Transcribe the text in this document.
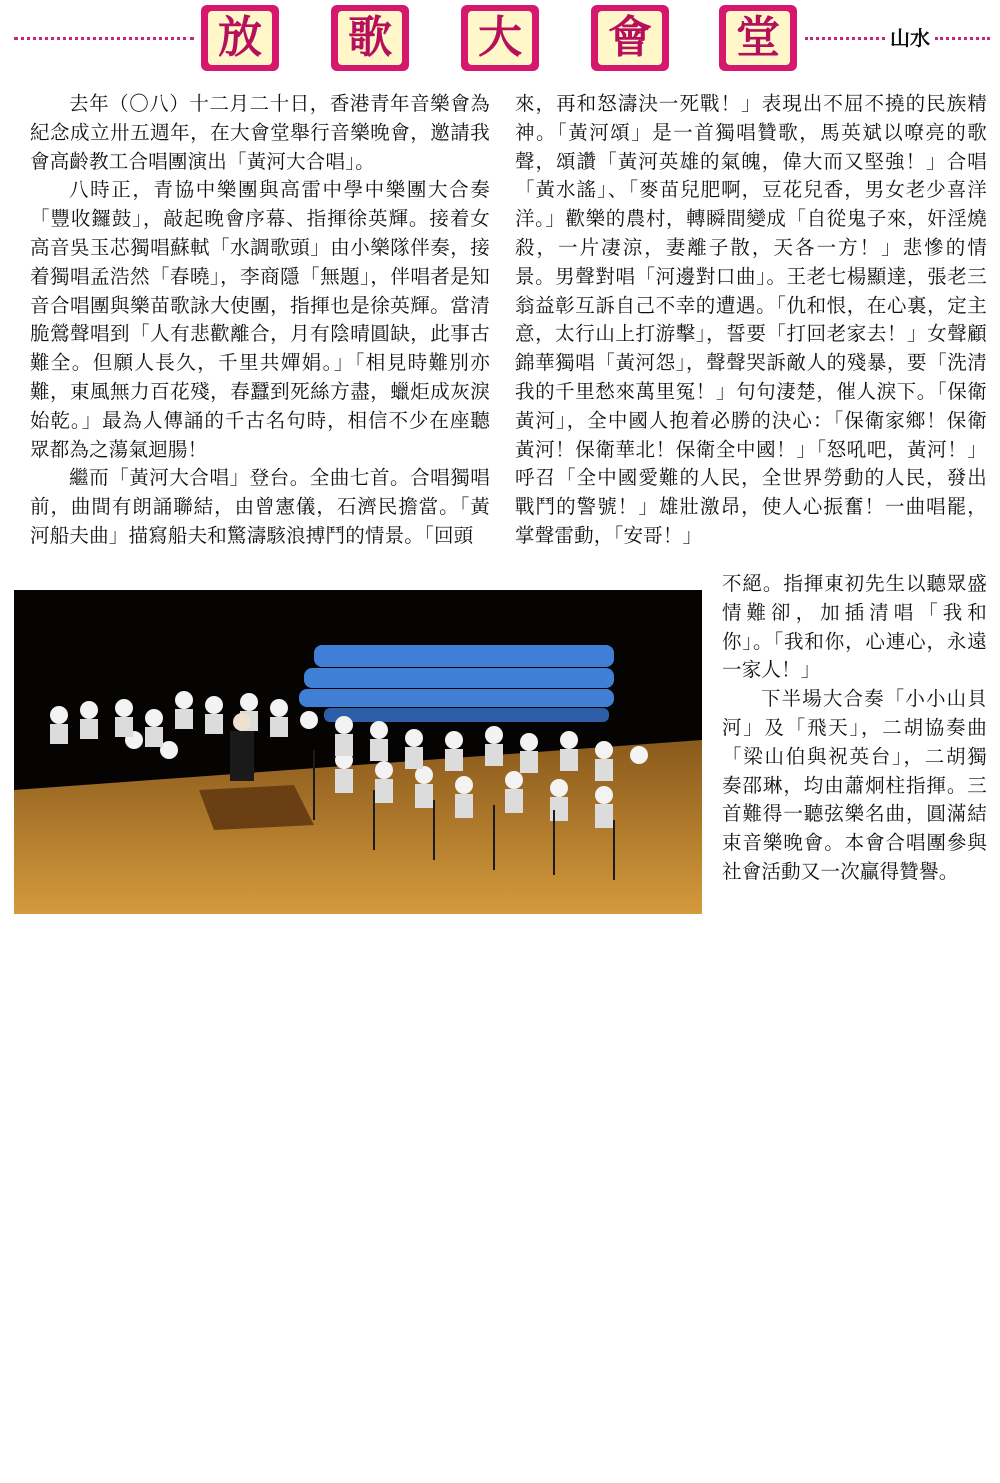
放 歌 大 會 堂	山水

去年（〇八）十二月二十日，香港青年音樂會為紀念成立卅五週年，在大會堂舉行音樂晚會，邀請我會高齡教工合唱團演出「黃河大合唱」。

八時正，青協中樂團與高雷中學中樂團大合奏「豐收鑼鼓」，敲起晚會序幕、指揮徐英輝。接着女高音吳玉芯獨唱蘇軾「水調歌頭」由小樂隊伴奏，接着獨唱孟浩然「春曉」，李商隱「無題」，伴唱者是知音合唱團與樂苗歌詠大使團，指揮也是徐英輝。當清脆鶯聲唱到「人有悲歡離合，月有陰晴圓缺，此事古難全。但願人長久，千里共嬋娟。」「相見時難別亦難，東風無力百花殘，春蠶到死絲方盡，蠟炬成灰淚始乾。」最為人傳誦的千古名句時，相信不少在座聽眾都為之蕩氣迴腸！

繼而「黃河大合唱」登台。全曲七首。合唱獨唱前，曲間有朗誦聯結，由曾憲儀，石濟民擔當。「黃河船夫曲」描寫船夫和驚濤駭浪搏鬥的情景。「回頭

來，再和怒濤決一死戰！」表現出不屈不撓的民族精神。「黃河頌」是一首獨唱贊歌，馬英斌以嘹亮的歌聲，頌讚「黃河英雄的氣魄，偉大而又堅強！」合唱「黃水謠」、「麥苗兒肥啊，豆花兒香，男女老少喜洋洋。」歡樂的農村，轉瞬間變成「自從鬼子來，奸淫燒殺，一片凄涼，妻離子散，天各一方！」悲慘的情景。男聲對唱「河邊對口曲」。王老七楊顯達，張老三翁益彰互訴自己不幸的遭遇。「仇和恨，在心裏，定主意，太行山上打游擊」，誓要「打回老家去！」女聲顧錦華獨唱「黃河怨」，聲聲哭訴敵人的殘暴，要「洗清我的千里愁來萬里冤！」句句淒楚，催人淚下。「保衛黃河」，全中國人抱着必勝的決心：「保衛家鄉！保衛黃河！保衛華北！保衛全中國！」「怒吼吧，黃河！」呼召「全中國愛難的人民，全世界勞動的人民，發出戰鬥的警號！」雄壯激昂，使人心振奮！一曲唱罷，掌聲雷動，「安哥！」

不絕。指揮東初先生以聽眾盛情難卻，加插清唱「我和你」。「我和你，心連心，永遠一家人！」

下半場大合奏「小小山貝河」及「飛天」，二胡協奏曲「梁山伯與祝英台」，二胡獨奏邵琳，均由蕭炯柱指揮。三首難得一聽弦樂名曲，圓滿結束音樂晚會。本會合唱團參與社會活動又一次贏得贊譽。

合唱團在大會堂演出「黃河大合唱」
